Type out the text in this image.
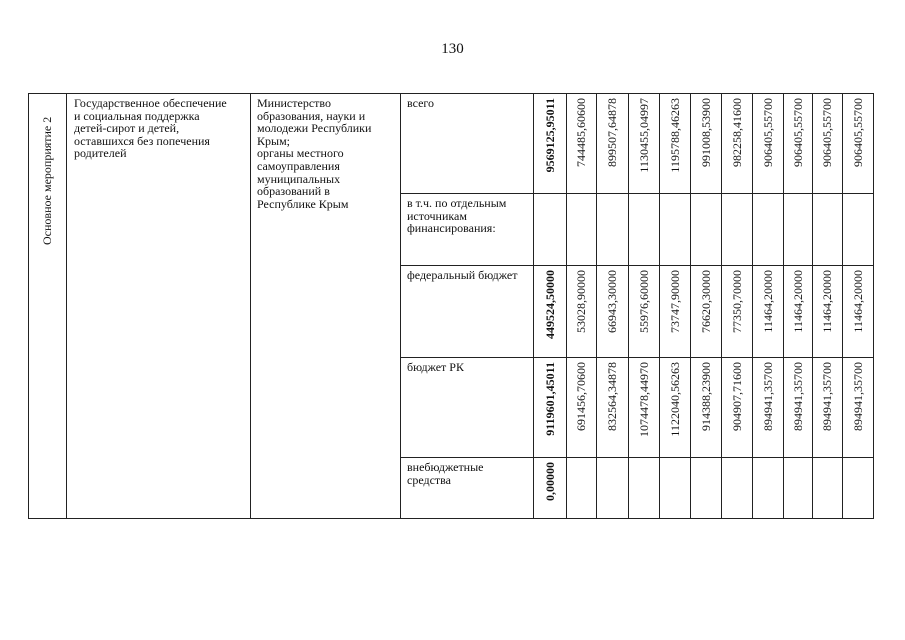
130
Основное мероприятие 2
Государственное обеспечение
и социальная поддержка
детей-сирот и детей,
оставшихся без попечения
родителей
Министерство
образования, науки и
молодежи Республики
Крым;
органы местного
самоуправления
муниципальных
образований в
Республике Крым
всего	9569125,95011 744485,60600 899507,64878 1130455,04997 1195788,46263 991008,53900 982258,41600 906405,55700 906405,55700 906405,55700 906405,55700
в т.ч. по отдельным
источникам
финансирования:
федеральный бюджет 449524,50000 53028,90000 66943,30000 55976,60000 73747,90000 76620,30000 77350,70000 11464,20000 11464,20000 11464,20000 11464,20000
бюджет РК	9119601,45011 691456,70600 832564,34878 1074478,44970 1122040,56263 914388,23900 904907,71600 894941,35700 894941,35700 894941,35700 894941,35700
внебюджетные
средства	0,00000
